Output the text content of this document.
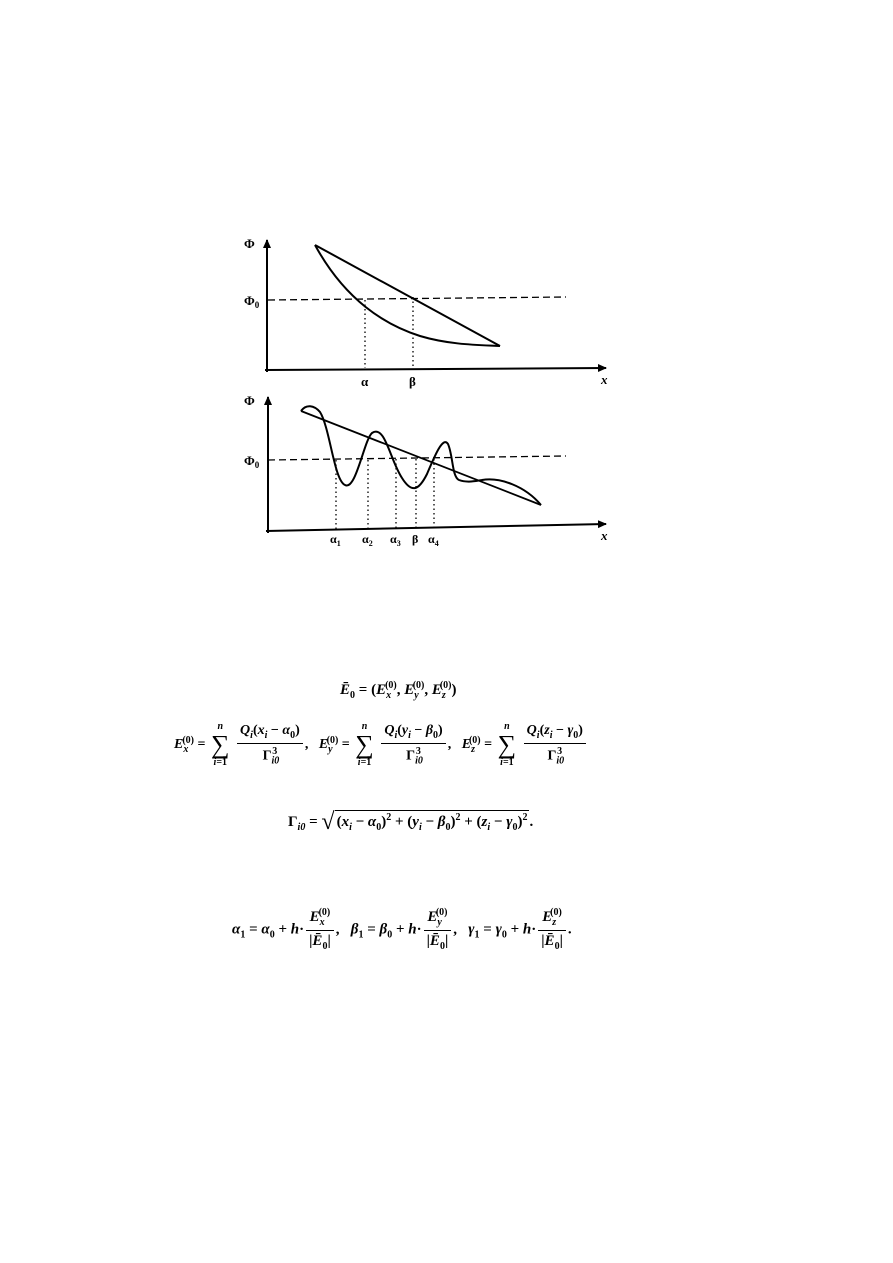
Φ
$\Phi_0$
x
α	β
Φ
$\Phi_0$
x
$\alpha_1$ $\alpha_2$ $\alpha_3$ β $\alpha_4$
$Ē_0 = (E_x^{(0)}$, $E_y^{(0)}$, $E_z^{(0)}$)
$E_x^{(0)}$ =
n
∑
i=1
$\frac{Q_i(x_i - \alpha_0)}{\Gamma_{i0}^3}$ ,   $E_y^{(0)}$ =
n
∑
i=1
$\frac{Q_i(y_i - \beta_0)}{\Gamma_{i0}^3}$ ,   $E_z^{(0)}$ =
n
∑
i=1
$\frac{Q_i(z_i - \gamma_0)}{\Gamma_{i0}^3}$
$\Gamma_{i0}$ = √ $(x_i - \alpha_0)^2 + (y_i - \beta_0)^2 + (z_i - \gamma_0)^2$ .
$\alpha_1 = \alpha_0 + h\cdot \frac{E_x^{(0)}}{|Ē_0|}$ ,   $\beta_1 = \beta_0 + h\cdot \frac{E_y^{(0)}}{|Ē_0|}$ ,   $\gamma_1 = \gamma_0 + h\cdot \frac{E_z^{(0)}}{|Ē_0|}$ .
